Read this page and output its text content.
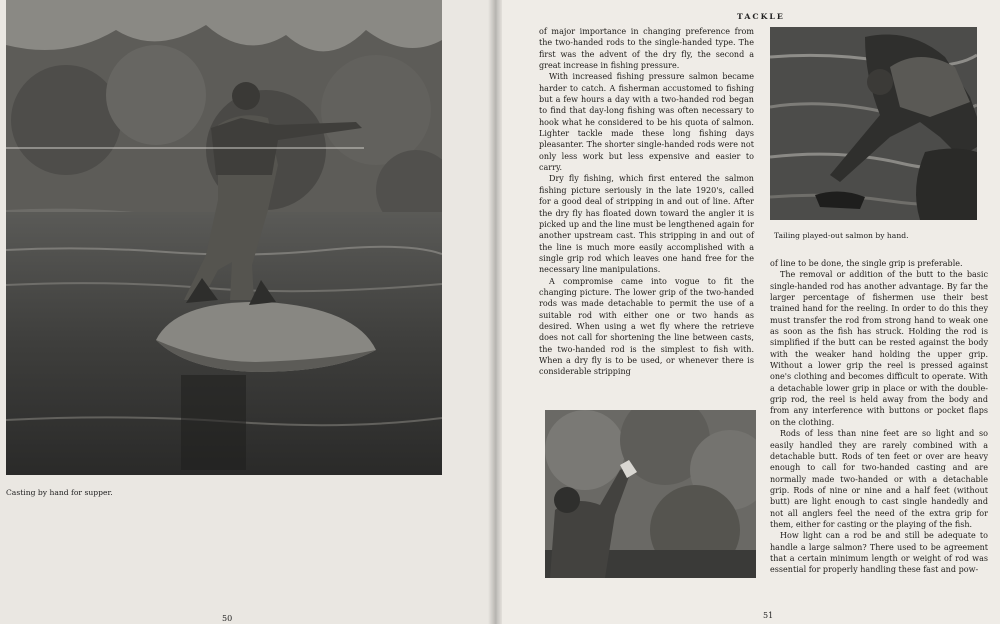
Casting by hand for supper.
50
Tailing played-out salmon by hand.
TACKLE

of major importance in changing preference from the two-handed rods to the single-handed type. The first was the advent of the dry fly, the second a great increase in fishing pressure.

With increased fishing pressure salmon became harder to catch. A fisherman accustomed to fishing but a few hours a day with a two-handed rod began to find that day-long fishing was often necessary to hook what he considered to be his quota of salmon. Lighter tackle made these long fishing days pleasanter. The shorter single-handed rods were not only less work but less expensive and easier to carry.

Dry fly fishing, which first entered the salmon fishing picture seriously in the late 1920's, called for a good deal of stripping in and out of line. After the dry fly has floated down toward the angler it is picked up and the line must be lengthened again for another upstream cast. This stripping in and out of the line is much more easily accomplished with a single grip rod which leaves one hand free for the necessary line manipulations.

A compromise came into vogue to fit the changing picture. The lower grip of the two-handed rods was made detachable to permit the use of a suitable rod with either one or two hands as desired. When using a wet fly where the retrieve does not call for shortening the line between casts, the two-handed rod is the simplest to fish with. When a dry fly is to be used, or whenever there is considerable stripping

of line to be done, the single grip is preferable.

The removal or addition of the butt to the basic single-handed rod has another advantage. By far the larger percentage of fishermen use their best trained hand for the reeling. In order to do this they must transfer the rod from strong hand to weak one as soon as the fish has struck. Holding the rod is simplified if the butt can be rested against the body with the weaker hand holding the upper grip. Without a lower grip the reel is pressed against one's clothing and becomes difficult to operate. With a detachable lower grip in place or with the double-grip rod, the reel is held away from the body and from any interference with buttons or pocket flaps on the clothing.

Rods of less than nine feet are so light and so easily handled they are rarely combined with a detachable butt. Rods of ten feet or over are heavy enough to call for two-handed casting and are normally made two-handed or with a detachable grip. Rods of nine or nine and a half feet (without butt) are light enough to cast single handedly and not all anglers feel the need of the extra grip for them, either for casting or the playing of the fish.

How light can a rod be and still be adequate to handle a large salmon? There used to be agreement that a certain minimum length or weight of rod was essential for properly handling these fast and pow-

51
